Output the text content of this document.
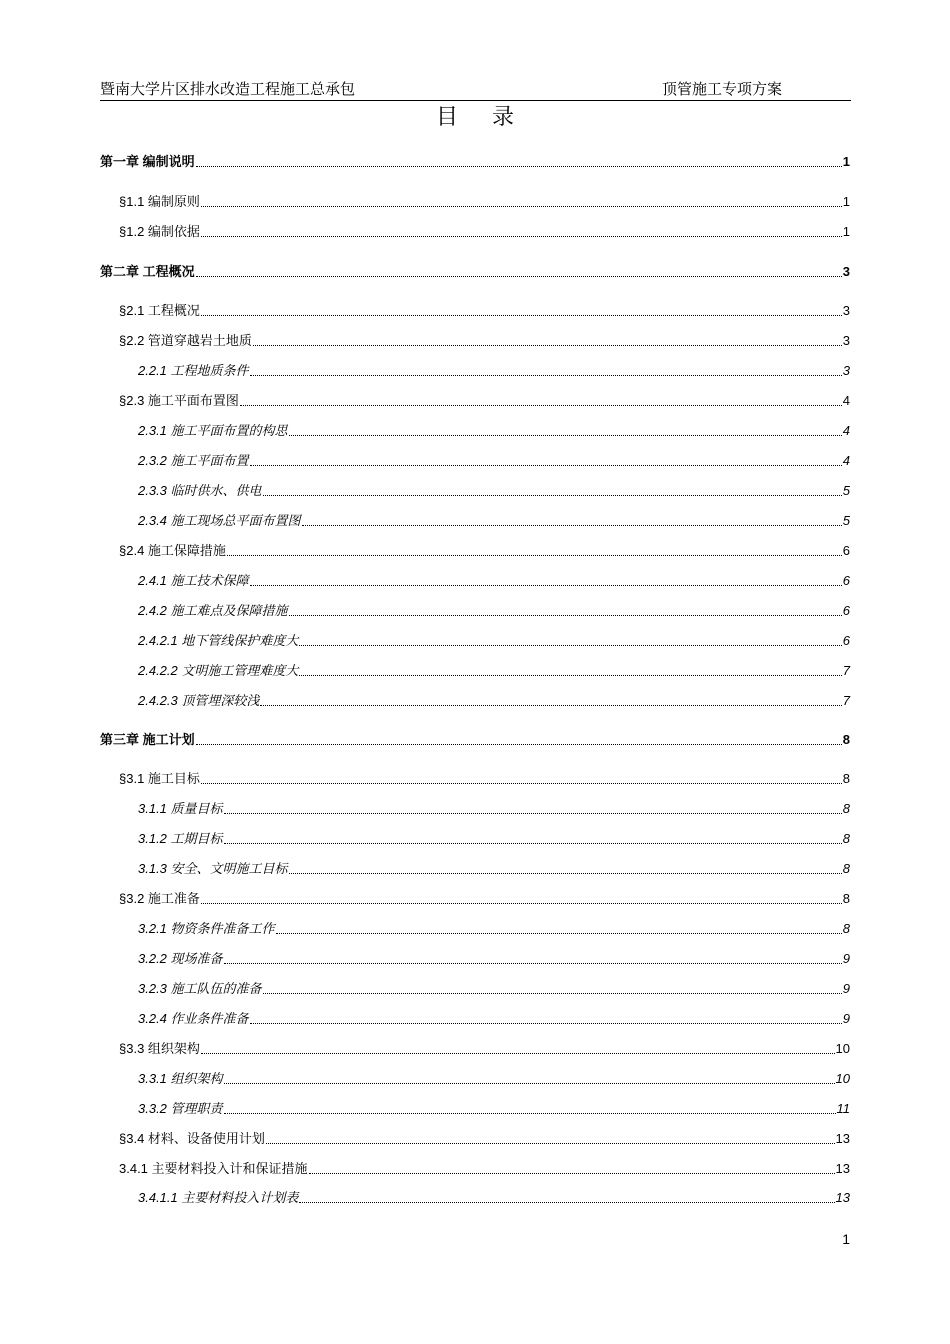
暨南大学片区排水改造工程施工总承包	顶管施工专项方案
目录
第一章 编制说明	1
§1.1 编制原则	1
§1.2 编制依据	1
第二章 工程概况	3
§2.1 工程概况	3
§2.2 管道穿越岩土地质	3
2.2.1 工程地质条件	3
§2.3 施工平面布置图	4
2.3.1 施工平面布置的构思	4
2.3.2 施工平面布置	4
2.3.3 临时供水、供电	5
2.3.4 施工现场总平面布置图	5
§2.4 施工保障措施	6
2.4.1 施工技术保障	6
2.4.2 施工难点及保障措施	6
2.4.2.1 地下管线保护难度大	6
2.4.2.2 文明施工管理难度大	7
2.4.2.3 顶管埋深较浅	7
第三章 施工计划	8
§3.1 施工目标	8
3.1.1 质量目标	8
3.1.2 工期目标	8
3.1.3 安全、文明施工目标	8
§3.2 施工准备	8
3.2.1 物资条件准备工作	8
3.2.2 现场准备	9
3.2.3 施工队伍的准备	9
3.2.4 作业条件准备	9
§3.3 组织架构	10
3.3.1 组织架构	10
3.3.2 管理职责	11
§3.4 材料、设备使用计划	13
3.4.1 主要材料投入计和保证措施	13
3.4.1.1 主要材料投入计划表	13
1
